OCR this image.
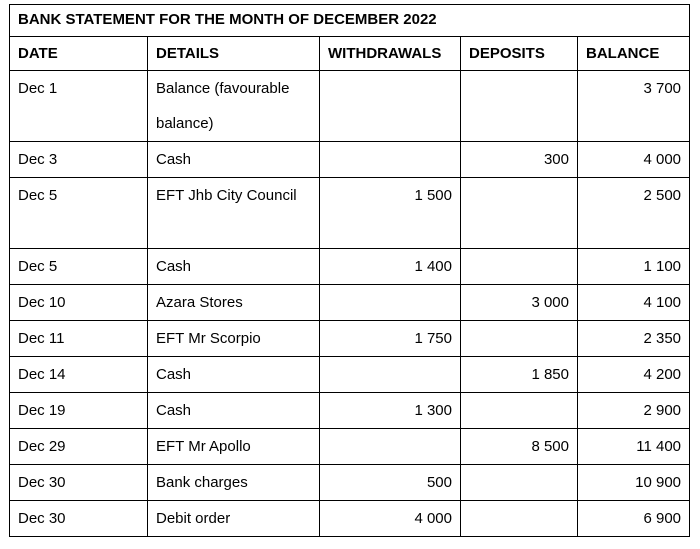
BANK STATEMENT FOR THE MONTH OF DECEMBER 2022				
DATE	DETAILS	WITHDRAWALS	DEPOSITS	BALANCE
Dec 1	Balance (favourable balance)			3 700
Dec 3	Cash		300	4 000
Dec 5	EFT Jhb City Council	1 500		2 500
Dec 5	Cash	1 400		1 100
Dec 10	Azara Stores		3 000	4 100
Dec 11	EFT Mr Scorpio	1 750		2 350
Dec 14	Cash		1 850	4 200
Dec 19	Cash	1 300		2 900
Dec 29	EFT Mr Apollo		8 500	11 400
Dec 30	Bank charges	500		10 900
Dec 30	Debit order	4 000		6 900
